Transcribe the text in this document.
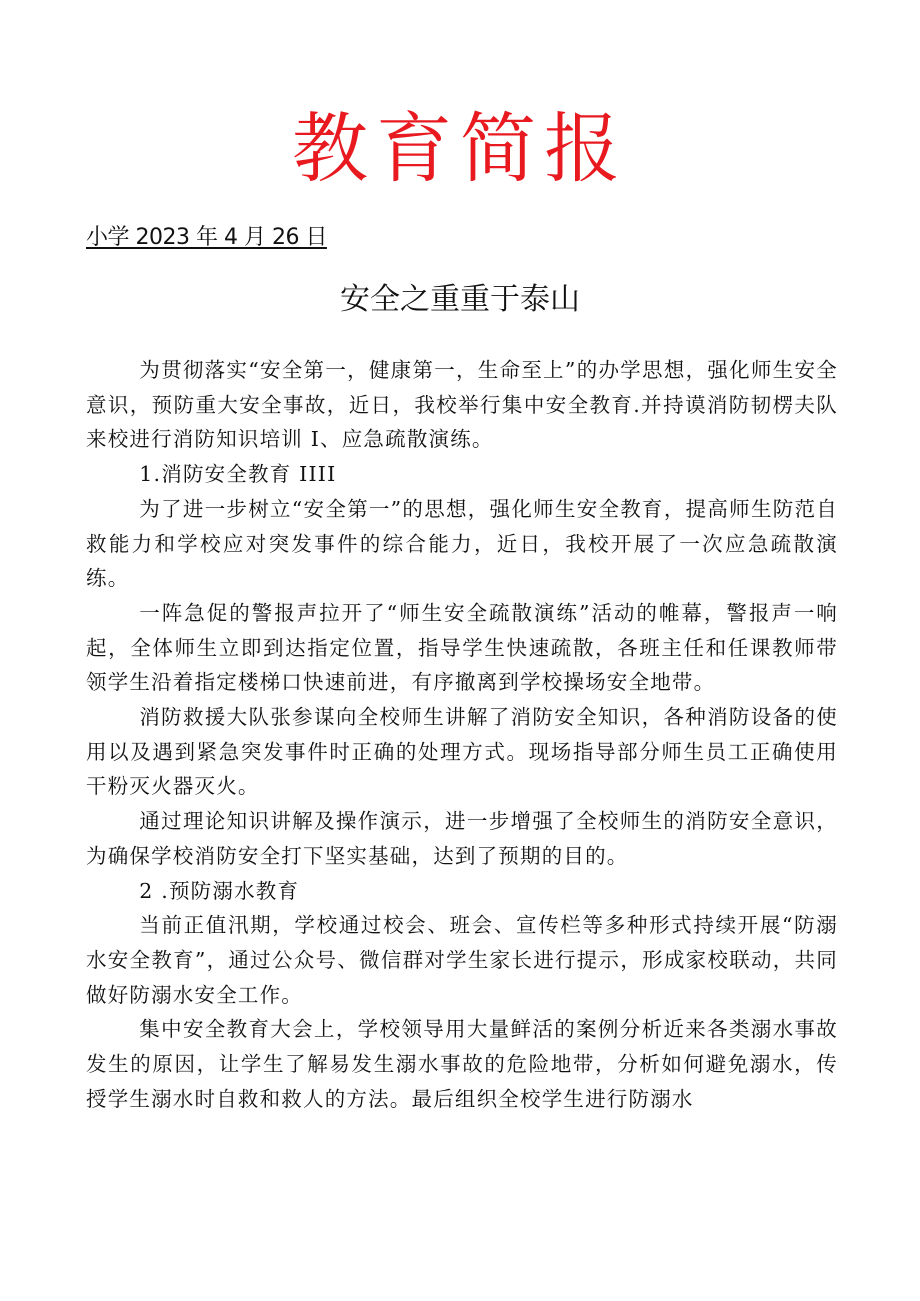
教育简报
小学 2023 年 4 月 26 日
安全之重重于泰山

为贯彻落实“安全第一，健康第一，生命至上”的办学思想，强化师生安全意识，预防重大安全事故，近日，我校举行集中安全教育.并持谟消防韧楞夫队来校进行消防知识培训 I、应急疏散演练。

1.消防安全教育 IIII

为了进一步树立“安全第一”的思想，强化师生安全教育，提高师生防范自救能力和学校应对突发事件的综合能力，近日，我校开展了一次应急疏散演练。

一阵急促的警报声拉开了“师生安全疏散演练”活动的帷幕，警报声一响起，全体师生立即到达指定位置，指导学生快速疏散，各班主任和任课教师带领学生沿着指定楼梯口快速前进，有序撤离到学校操场安全地带。

消防救援大队张参谋向全校师生讲解了消防安全知识，各种消防设备的使用以及遇到紧急突发事件时正确的处理方式。现场指导部分师生员工正确使用干粉灭火器灭火。

通过理论知识讲解及操作演示，进一步增强了全校师生的消防安全意识，为确保学校消防安全打下坚实基础，达到了预期的目的。

2 .预防溺水教育

当前正值汛期，学校通过校会、班会、宣传栏等多种形式持续开展“防溺水安全教育”，通过公众号、微信群对学生家长进行提示，形成家校联动，共同做好防溺水安全工作。

集中安全教育大会上，学校领导用大量鲜活的案例分析近来各类溺水事故发生的原因，让学生了解易发生溺水事故的危险地带，分析如何避免溺水，传授学生溺水时自救和救人的方法。最后组织全校学生进行防溺水
